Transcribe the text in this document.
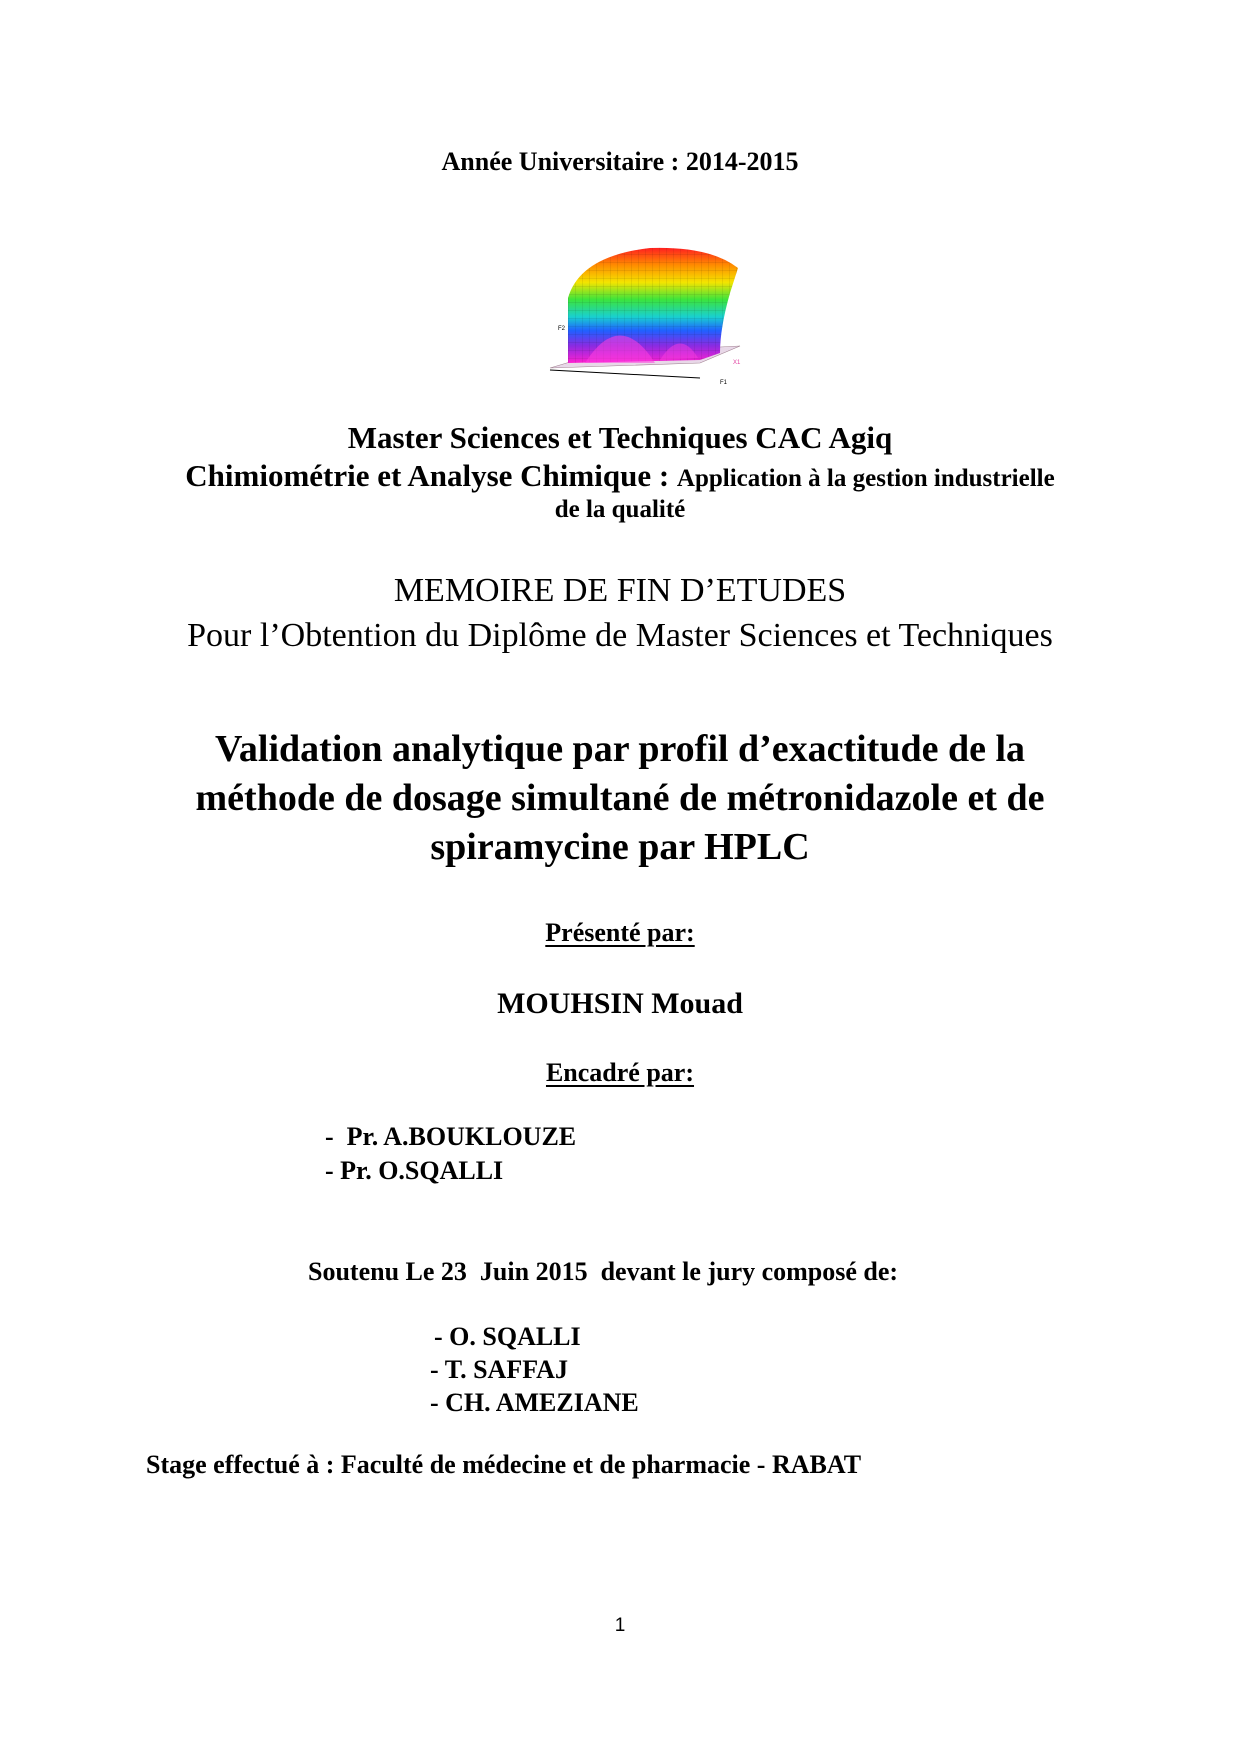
Année Universitaire : 2014-2015
F2
F1
X1
Master Sciences et Techniques CAC Agiq
Chimiométrie et Analyse Chimique : Application à la gestion industrielle
de la qualité
MEMOIRE DE FIN D’ETUDES
Pour l’Obtention du Diplôme de Master Sciences et Techniques
Validation analytique par profil d’exactitude de la
méthode de dosage simultané de métronidazole et de
spiramycine par HPLC
Présenté par:
MOUHSIN Mouad
Encadré par:
-  Pr. A.BOUKLOUZE
- Pr. O.SQALLI
Soutenu Le 23  Juin 2015  devant le jury composé de:
- O. SQALLI
- T. SAFFAJ
- CH. AMEZIANE
Stage effectué à : Faculté de médecine et de pharmacie - RABAT
1
